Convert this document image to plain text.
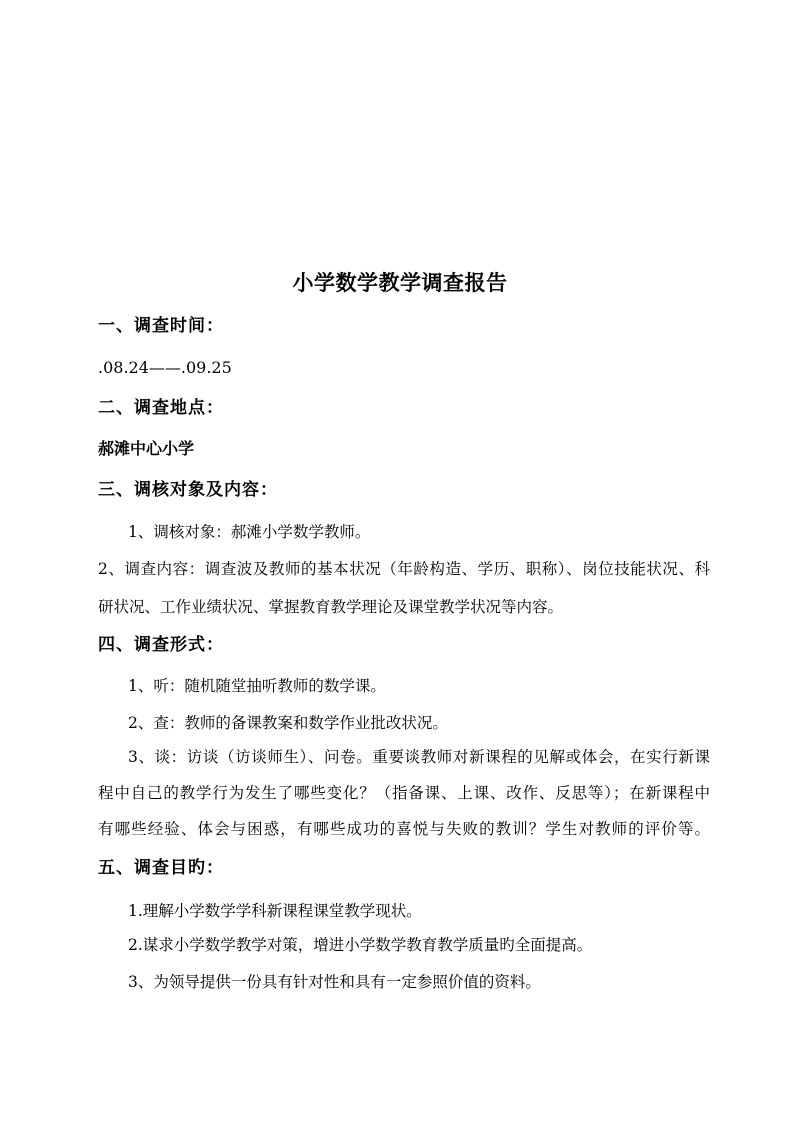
小学数学教学调查报告
一、调查时间：
.08.24——.09.25
二、调查地点：
郝滩中心小学
三、调核对象及内容：
1、调核对象：郝滩小学数学教师。
2、调查内容：调查波及教师的基本状况（年龄构造、学历、职称）、岗位技能状况、科
研状况、工作业绩状况、掌握教育教学理论及课堂教学状况等内容。
四、调查形式：
1、听：随机随堂抽听教师的数学课。
2、查：教师的备课教案和数学作业批改状况。
3、谈：访谈（访谈师生）、问卷。重要谈教师对新课程的见解或体会，在实行新课
程中自己的教学行为发生了哪些变化？（指备课、上课、改作、反思等）；在新课程中
有哪些经验、体会与困惑，有哪些成功的喜悦与失败的教训？学生对教师的评价等。
五、调查目旳：
1.理解小学数学学科新课程课堂教学现状。
2.谋求小学数学教学对策，增进小学数学教育教学质量旳全面提高。
3、为领导提供一份具有针对性和具有一定参照价值的资料。
